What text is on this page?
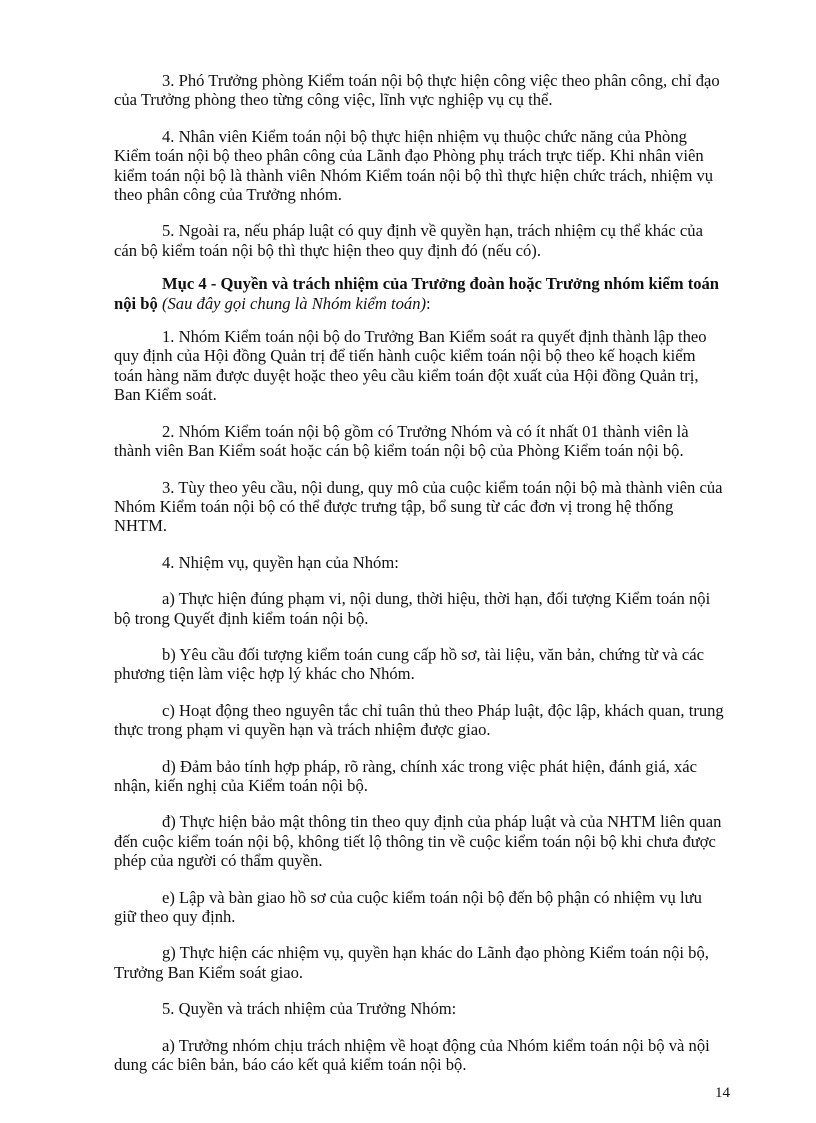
3. Phó Trưởng phòng Kiểm toán nội bộ thực hiện công việc theo phân công, chỉ đạo của Trưởng phòng theo từng công việc, lĩnh vực nghiệp vụ cụ thể.

4. Nhân viên Kiểm toán nội bộ thực hiện nhiệm vụ thuộc chức năng của Phòng Kiểm toán nội bộ theo phân công của Lãnh đạo Phòng phụ trách trực tiếp. Khi nhân viên kiểm toán nội bộ là thành viên Nhóm Kiểm toán nội bộ thì thực hiện chức trách, nhiệm vụ theo phân công của Trưởng nhóm.

5. Ngoài ra, nếu pháp luật có quy định về quyền hạn, trách nhiệm cụ thể khác của cán bộ kiểm toán nội bộ thì thực hiện theo quy định đó (nếu có).

Mục 4 - Quyền và trách nhiệm của Trưởng đoàn hoặc Trưởng nhóm kiểm toán nội bộ (Sau đây gọi chung là Nhóm kiểm toán):

1. Nhóm Kiểm toán nội bộ do Trưởng Ban Kiểm soát ra quyết định thành lập theo quy định của Hội đồng Quản trị để tiến hành cuộc kiểm toán nội bộ theo kế hoạch kiểm toán hàng năm được duyệt hoặc theo yêu cầu kiểm toán đột xuất của Hội đồng Quản trị, Ban Kiểm soát.

2. Nhóm Kiểm toán nội bộ gồm có Trưởng Nhóm và có ít nhất 01 thành viên là thành viên Ban Kiểm soát hoặc cán bộ kiểm toán nội bộ của Phòng Kiểm toán nội bộ.

3. Tùy theo yêu cầu, nội dung, quy mô của cuộc kiểm toán nội bộ mà thành viên của Nhóm Kiểm toán nội bộ có thể được trưng tập, bổ sung từ các đơn vị trong hệ thống NHTM.

4. Nhiệm vụ, quyền hạn của Nhóm:

a) Thực hiện đúng phạm vi, nội dung, thời hiệu, thời hạn, đối tượng Kiểm toán nội bộ trong Quyết định kiểm toán nội bộ.

b) Yêu cầu đối tượng kiểm toán cung cấp hồ sơ, tài liệu, văn bản, chứng từ và các phương tiện làm việc hợp lý khác cho Nhóm.

c) Hoạt động theo nguyên tắc chỉ tuân thủ theo Pháp luật, độc lập, khách quan, trung thực trong phạm vi quyền hạn và trách nhiệm được giao.

d) Đảm bảo tính hợp pháp, rõ ràng, chính xác trong việc phát hiện, đánh giá, xác nhận, kiến nghị của Kiểm toán nội bộ.

đ) Thực hiện bảo mật thông tin theo quy định của pháp luật và của NHTM liên quan đến cuộc kiểm toán nội bộ, không tiết lộ thông tin về cuộc kiểm toán nội bộ khi chưa được phép của người có thẩm quyền.

e) Lập và bàn giao hồ sơ của cuộc kiểm toán nội bộ đến bộ phận có nhiệm vụ lưu giữ theo quy định.

g) Thực hiện các nhiệm vụ, quyền hạn khác do Lãnh đạo phòng Kiểm toán nội bộ, Trưởng Ban Kiểm soát giao.

5. Quyền và trách nhiệm của Trưởng Nhóm:

a) Trưởng nhóm chịu trách nhiệm về hoạt động của Nhóm kiểm toán nội bộ và nội dung các biên bản, báo cáo kết quả kiểm toán nội bộ.

14
